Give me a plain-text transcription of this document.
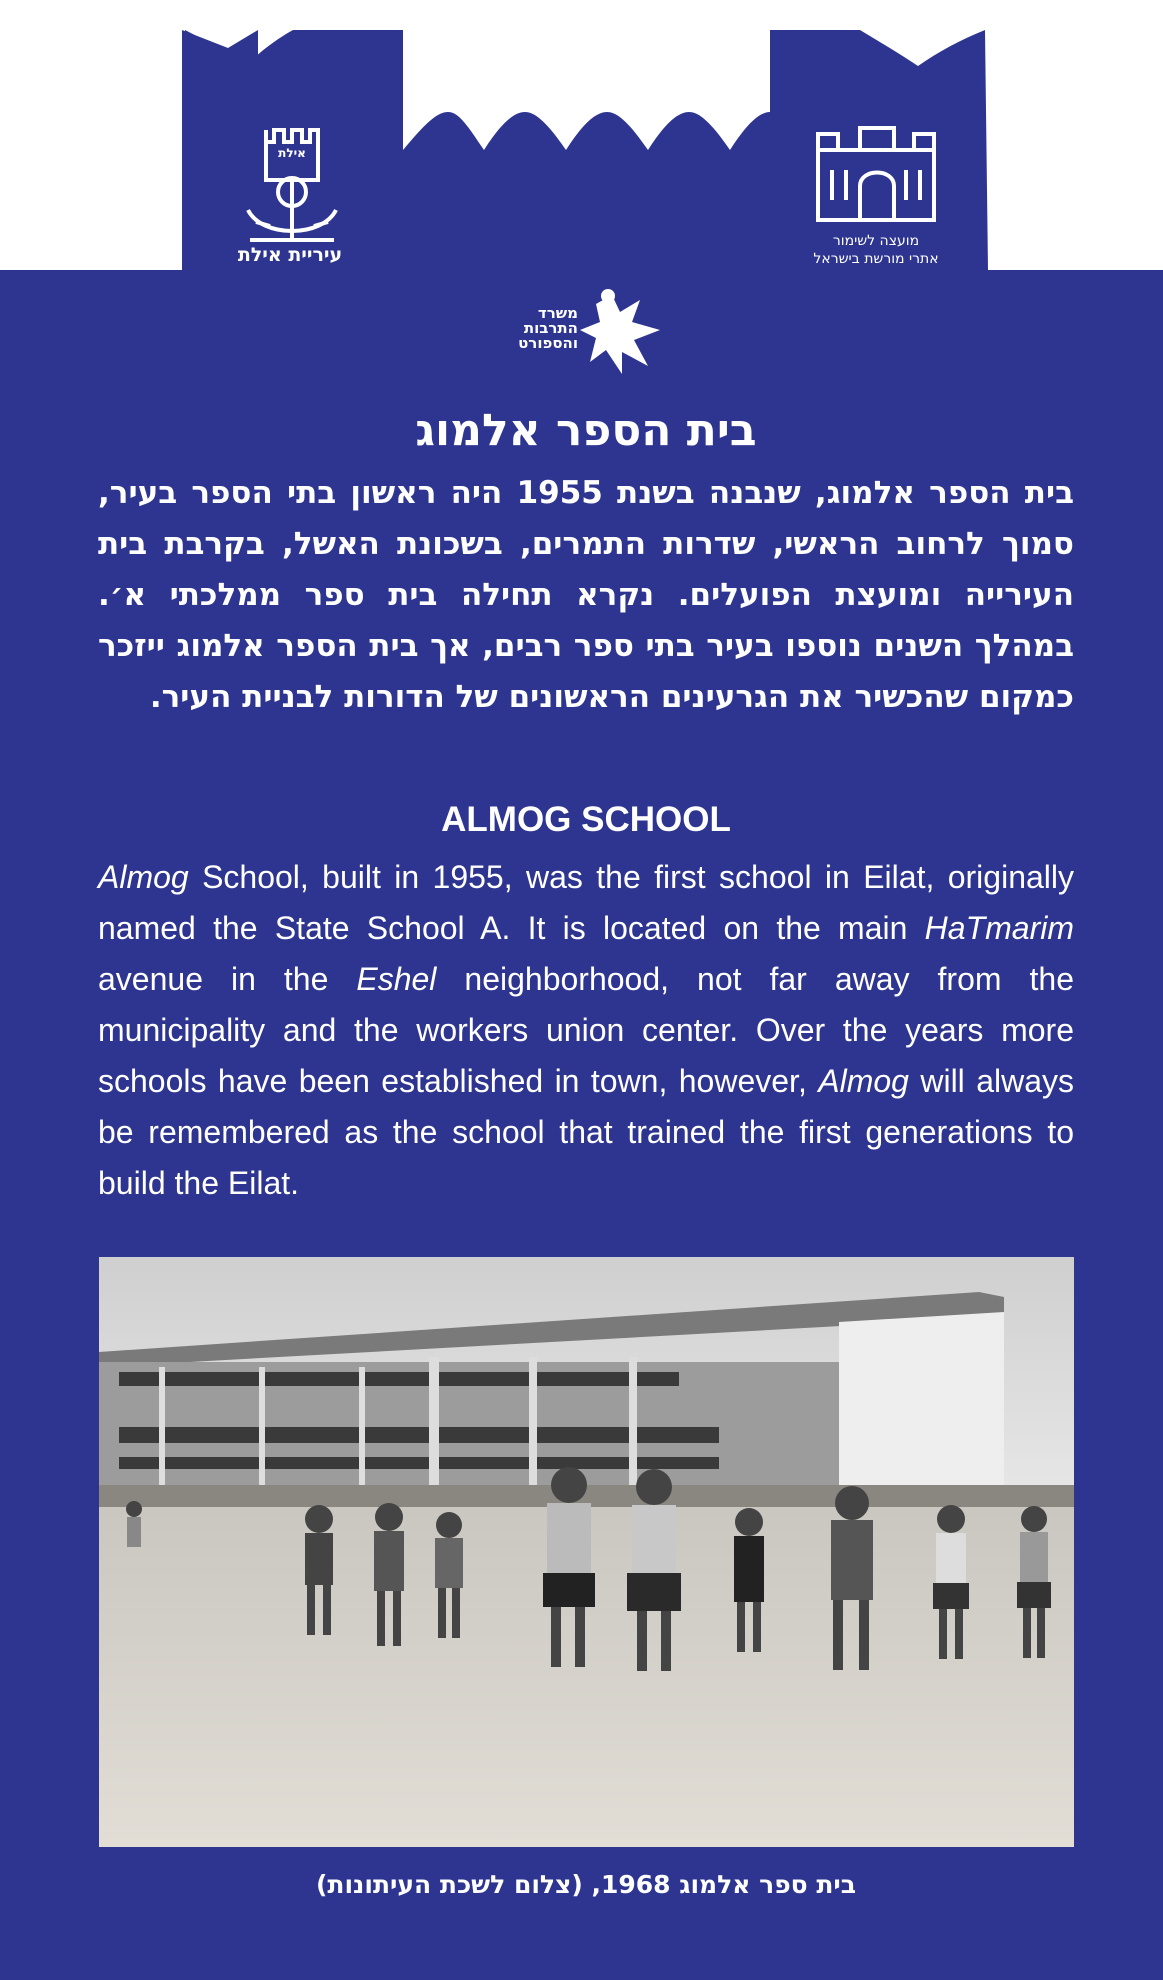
עיריית אילת
אילת
מועצה לשימור
אתרי מורשת בישראל
משרד
התרבות
והספורט
בית הספר אלמוג

בית הספר אלמוג, שנבנה בשנת 1955 היה ראשון בתי הספר בעיר, סמוך לרחוב הראשי, שדרות התמרים, בשכונת האשל, בקרבת בית העירייה ומועצת הפועלים. נקרא תחילה בית ספר ממלכתי א׳. במהלך השנים נוספו בעיר בתי ספר רבים, אך בית הספר אלמוג ייזכר כמקום שהכשיר את הגרעינים הראשונים של הדורות לבניית העיר.

ALMOG SCHOOL

Almog School, built in 1955, was the first school in Eilat, originally named the State School A. It is located on the main HaTmarim avenue in the Eshel neighborhood, not far away from the municipality and the workers union center. Over the years more schools have been established in town, however, Almog will always be remembered as the school that trained the first generations to build the Eilat.

בית ספר אלמוג 1968, (צלום לשכת העיתונות)
